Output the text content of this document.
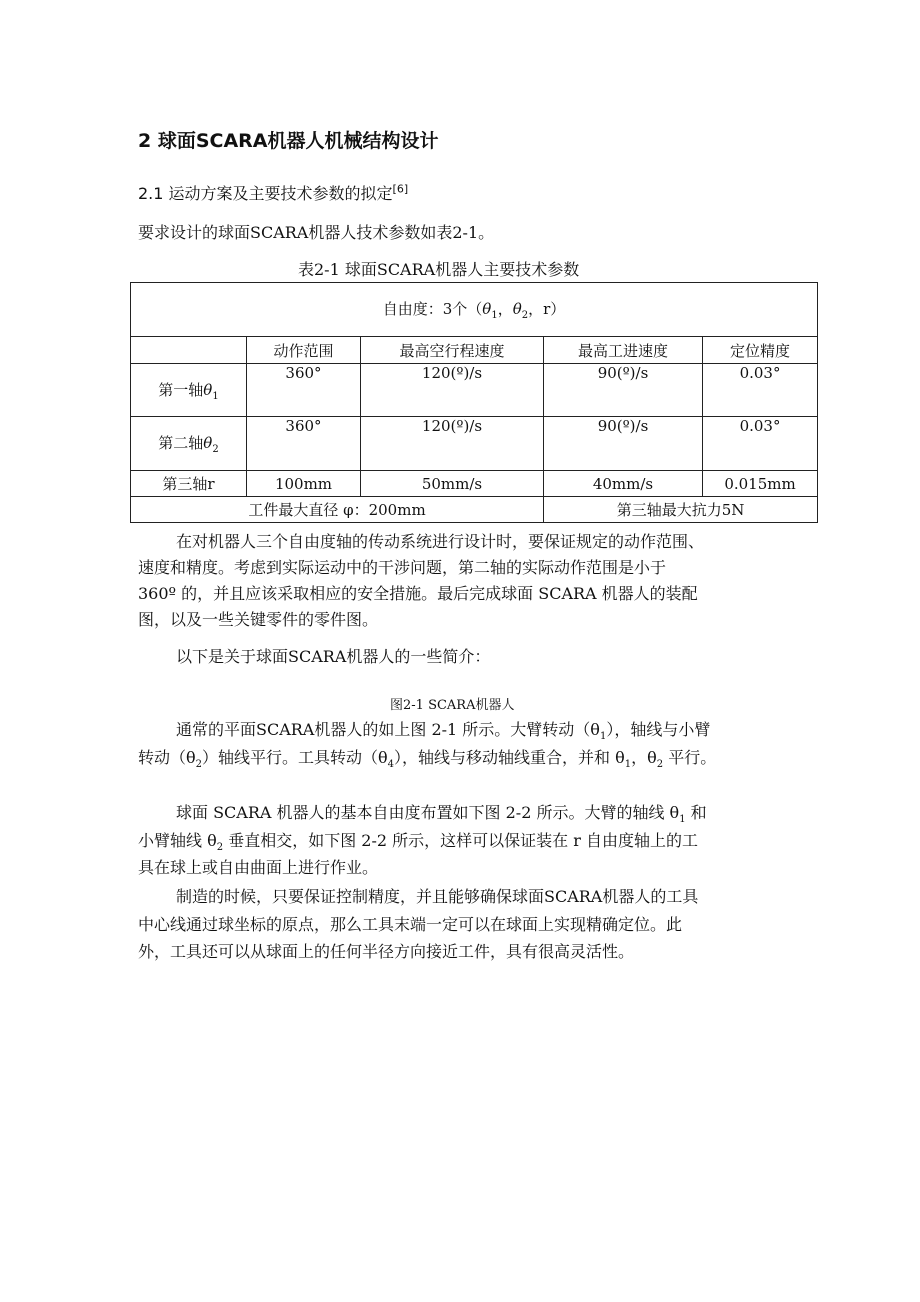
2 球面SCARA机器人机械结构设计
2.1 运动方案及主要技术参数的拟定[6]
要求设计的球面SCARA机器人技术参数如表2-1。
表2-1 球面SCARA机器人主要技术参数
自由度：3个（$\theta_1$，$\theta_2$，r）				
	动作范围	最高空行程速度	最高工进速度	定位精度
第一轴$\theta_1$	360°	120(º)/s	90(º)/s	0.03°
第二轴$\theta_2$	360°	120(º)/s	90(º)/s	0.03°
第三轴r	100mm	50mm/s	40mm/s	0.015mm
工件最大直径 φ：200mm			第三轴最大抗力5N	
在对机器人三个自由度轴的传动系统进行设计时，要保证规定的动作范围、
速度和精度。考虑到实际运动中的干涉问题，第二轴的实际动作范围是小于
360º 的，并且应该采取相应的安全措施。最后完成球面 SCARA 机器人的装配
图，以及一些关键零件的零件图。
以下是关于球面SCARA机器人的一些简介：
图2-1 SCARA机器人
通常的平面SCARA机器人的如上图 2-1 所示。大臂转动$(\theta_1)$，轴线与小臂
转动$(\theta_2)$轴线平行。工具转动$(\theta_4)$，轴线与移动轴线重合，并和 $\theta_1$，$\theta_2$ 平行。
球面 SCARA 机器人的基本自由度布置如下图 2-2 所示。大臂的轴线 $\theta_1$ 和
小臂轴线 $\theta_2$ 垂直相交，如下图 2-2 所示，这样可以保证装在 r 自由度轴上的工
具在球上或自由曲面上进行作业。
制造的时候，只要保证控制精度，并且能够确保球面SCARA机器人的工具
中心线通过球坐标的原点，那么工具末端一定可以在球面上实现精确定位。此
外，工具还可以从球面上的任何半径方向接近工件，具有很高灵活性。
